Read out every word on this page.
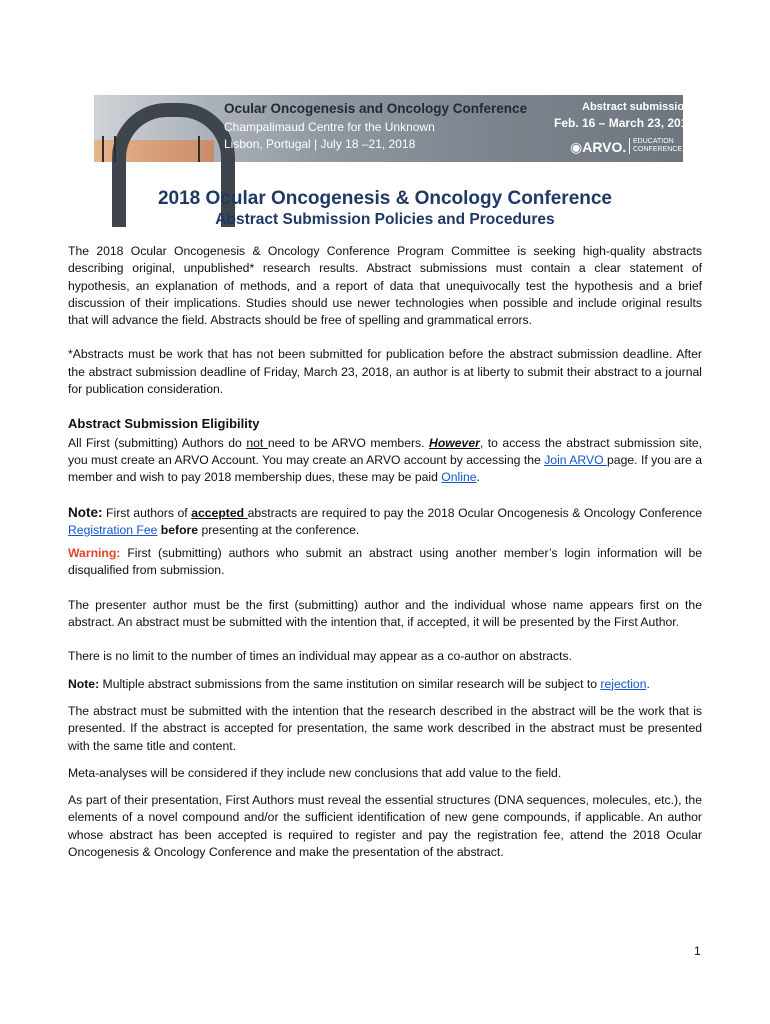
Ocular Oncogenesis and Oncology Conference
Champalimaud Centre for the Unknown
Lisbon, Portugal | July 18 –21, 2018
Abstract submission:
Feb. 16 – March 23, 2018
◉ARVO. EDUCATION CONFERENCE
2018 Ocular Oncogenesis & Oncology Conference
Abstract Submission Policies and Procedures

The 2018 Ocular Oncogenesis & Oncology Conference Program Committee is seeking high-quality abstracts describing original, unpublished* research results. Abstract submissions must contain a clear statement of hypothesis, an explanation of methods, and a report of data that unequivocally test the hypothesis and a brief discussion of their implications. Studies should use newer technologies when possible and include original results that will advance the field. Abstracts should be free of spelling and grammatical errors.

*Abstracts must be work that has not been submitted for publication before the abstract submission deadline. After the abstract submission deadline of Friday, March 23, 2018, an author is at liberty to submit their abstract to a journal for publication consideration.

Abstract Submission Eligibility

All First (submitting) Authors do not need to be ARVO members. However, to access the abstract submission site, you must create an ARVO Account. You may create an ARVO account by accessing the Join ARVO page. If you are a member and wish to pay 2018 membership dues, these may be paid Online.

Note: First authors of accepted abstracts are required to pay the 2018 Ocular Oncogenesis & Oncology Conference Registration Fee before presenting at the conference.

Warning: First (submitting) authors who submit an abstract using another member’s login information will be disqualified from submission.

The presenter author must be the first (submitting) author and the individual whose name appears first on the abstract. An abstract must be submitted with the intention that, if accepted, it will be presented by the First Author.

There is no limit to the number of times an individual may appear as a co-author on abstracts.

Note: Multiple abstract submissions from the same institution on similar research will be subject to rejection.

The abstract must be submitted with the intention that the research described in the abstract will be the work that is presented. If the abstract is accepted for presentation, the same work described in the abstract must be presented with the same title and content.

Meta-analyses will be considered if they include new conclusions that add value to the field.

As part of their presentation, First Authors must reveal the essential structures (DNA sequences, molecules, etc.), the elements of a novel compound and/or the sufficient identification of new gene compounds, if applicable. An author whose abstract has been accepted is required to register and pay the registration fee, attend the 2018 Ocular Oncogenesis & Oncology Conference and make the presentation of the abstract.

1
